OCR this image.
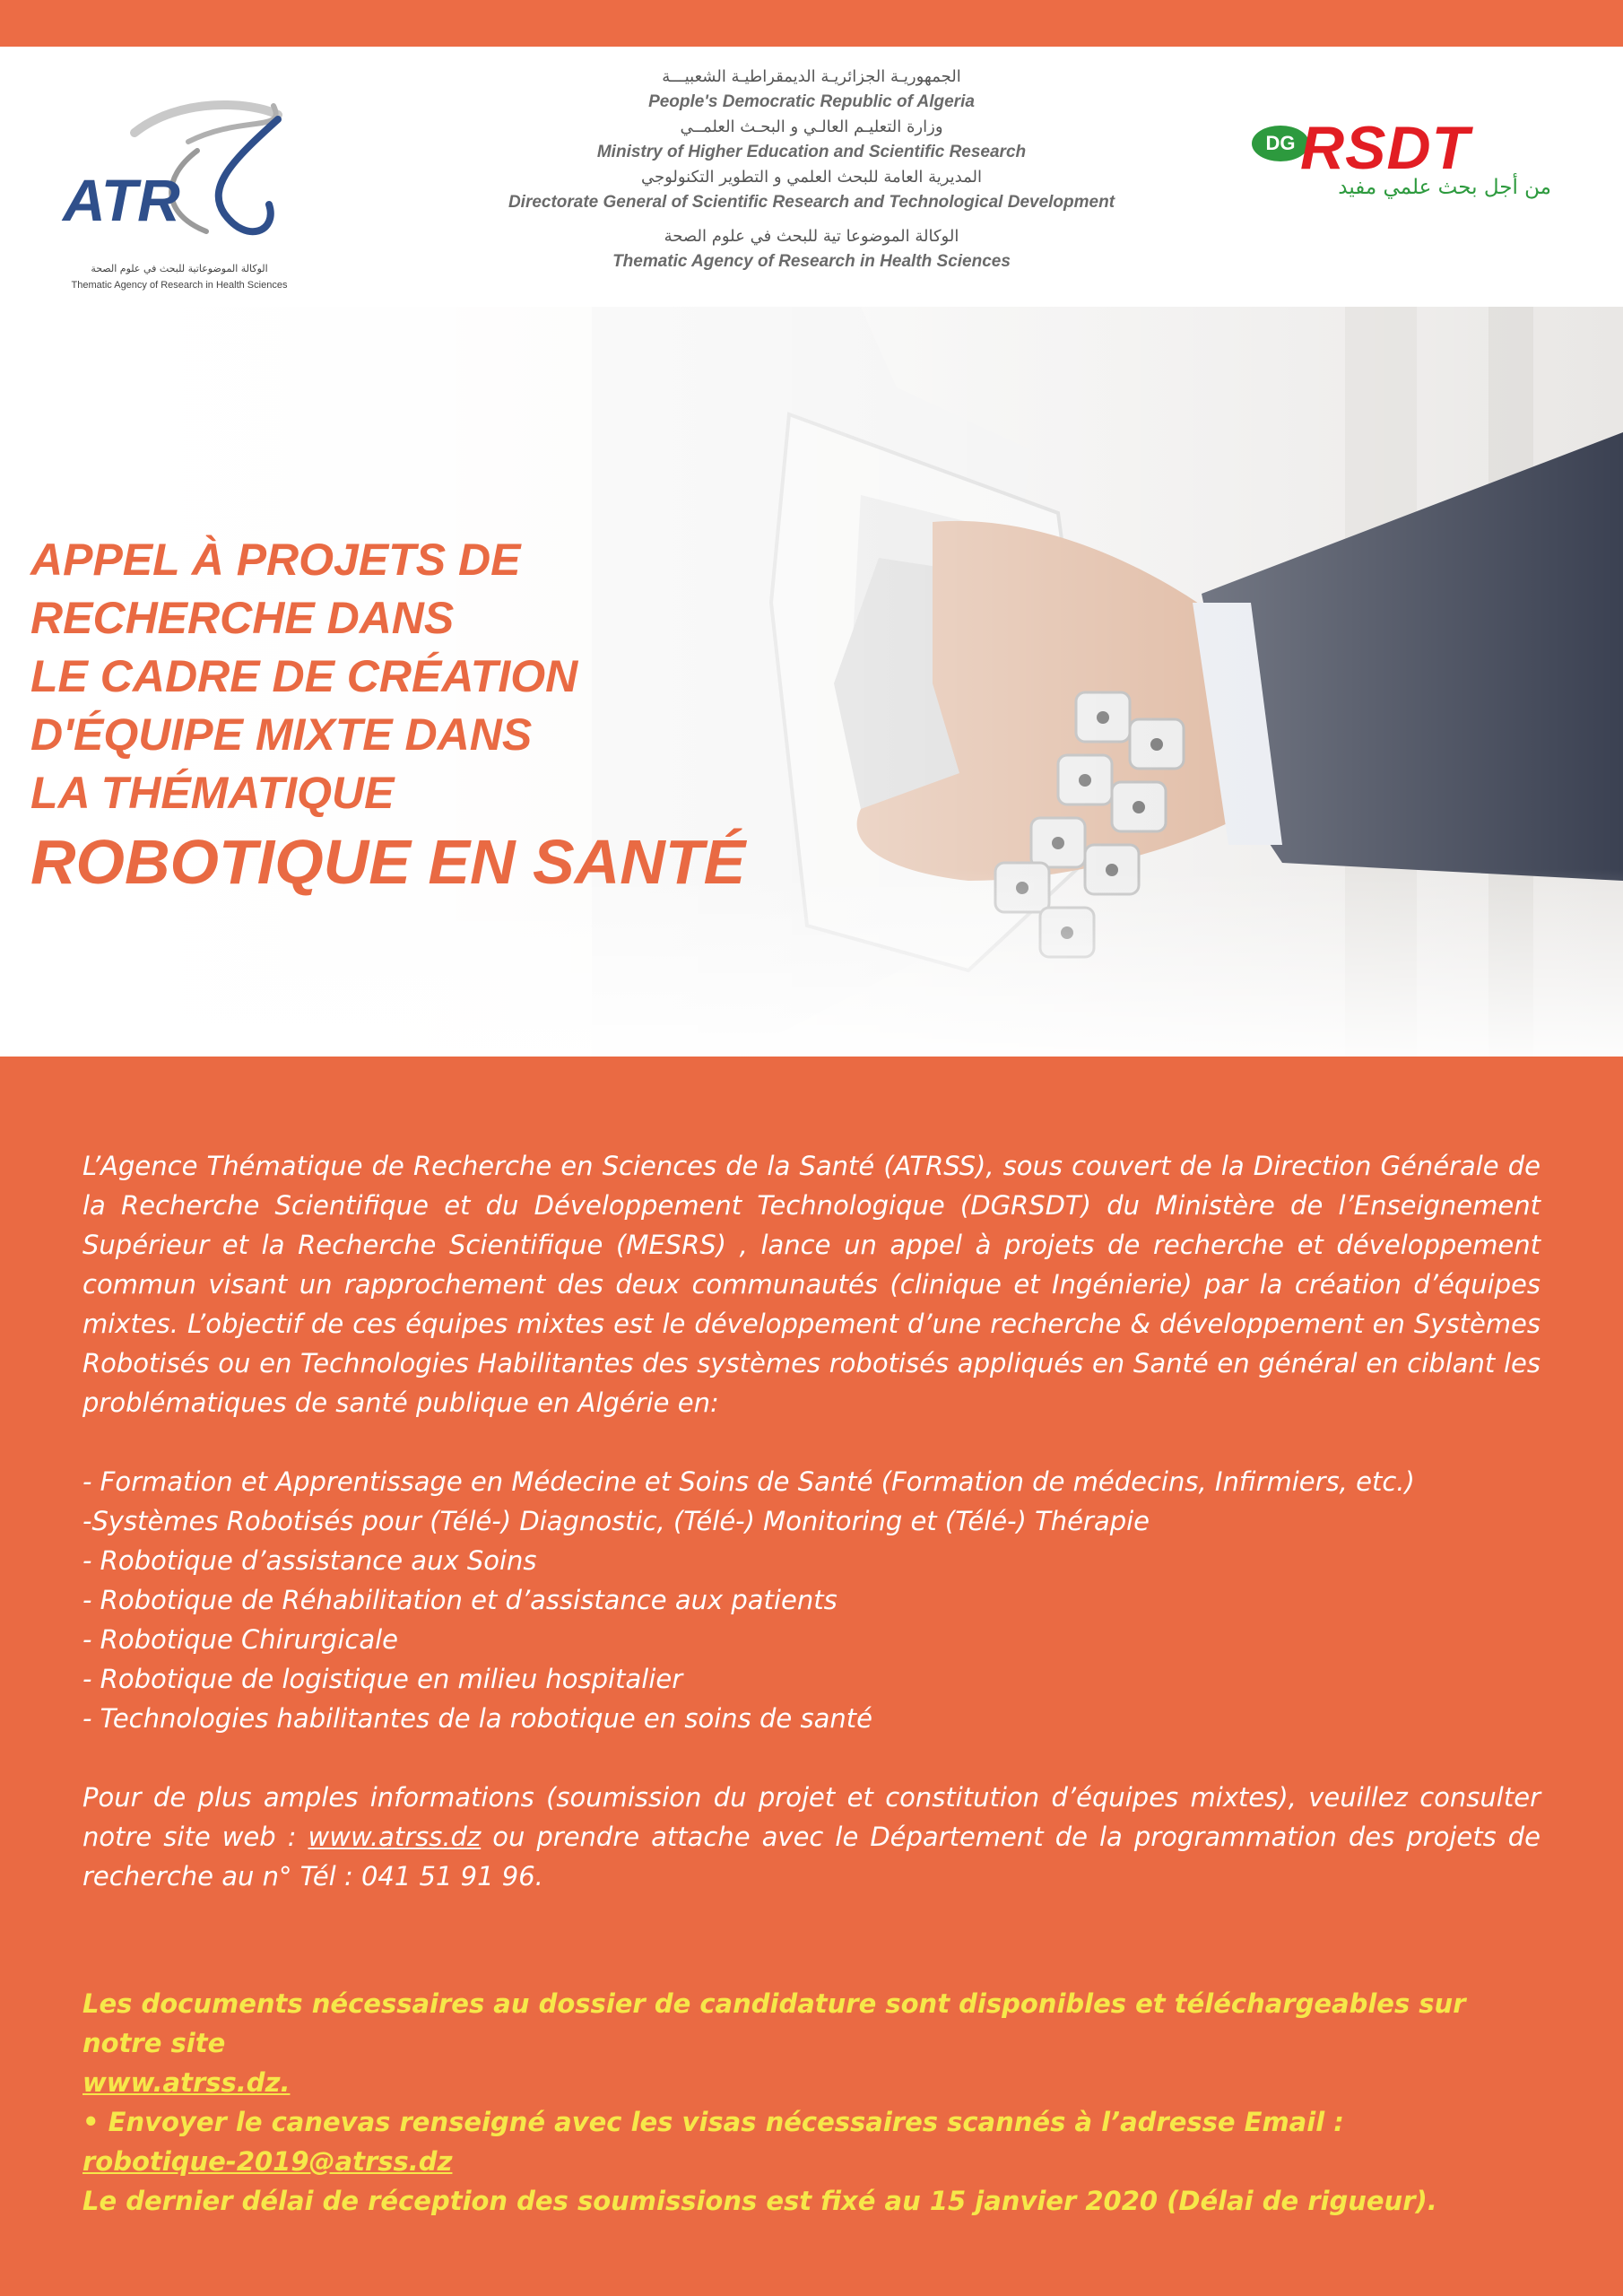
ATR
الوكالة الموضوعاتية للبحث في علوم الصحة
Thematic Agency of Research in Health Sciences
الجمهوريـة الجزائريـة الديمقراطيـة الشعبيـــة
People's Democratic Republic of Algeria
وزارة التعليـم العالـي و البحـث العلمــي
Ministry of Higher Education and Scientific Research
المديرية العامة للبحث العلمي و التطوير التكنولوجي
Directorate General of Scientific Research and Technological Development
الوكالة الموضوعا تية للبحث في علوم الصحة
Thematic Agency of Research in Health Sciences
DG RSDT
من أجل بحث علمي مفيد
APPEL À PROJETS DE
RECHERCHE DANS
LE CADRE DE CRÉATION
D'ÉQUIPE MIXTE DANS
LA THÉMATIQUE
ROBOTIQUE EN SANTÉ

L’Agence Thématique de Recherche en Sciences de la Santé (ATRSS), sous couvert de la Direction Générale de la Recherche Scientifique et du Développement Technologique (DGRSDT) du Ministère de l’Enseignement Supérieur et la Recherche Scientifique (MESRS) , lance un appel à projets de recherche et développement commun visant un rapprochement des deux communautés (clinique et Ingénierie) par la création d’équipes mixtes. L’objectif de ces équipes mixtes est le développement d’une recherche & développement en Systèmes Robotisés ou en Technologies Habilitantes des systèmes robotisés appliqués en Santé en général en ciblant les problématiques de santé publique en Algérie en:

- Formation et Apprentissage en Médecine et Soins de Santé (Formation de médecins, Infirmiers, etc.)
-Systèmes Robotisés pour (Télé-) Diagnostic, (Télé-) Monitoring et (Télé-) Thérapie
- Robotique d’assistance aux Soins
- Robotique de Réhabilitation et d’assistance aux patients
- Robotique Chirurgicale
- Robotique de logistique en milieu hospitalier
- Technologies habilitantes de la robotique en soins de santé

Pour de plus amples informations (soumission du projet et constitution d’équipes mixtes), veuillez consulter notre site web : www.atrss.dz ou prendre attache avec le Département de la programmation des projets de recherche au n° Tél : 041 51 91 96.

Les documents nécessaires au dossier de candidature sont disponibles et téléchargeables sur notre site

www.atrss.dz.

• Envoyer le canevas renseigné avec les visas nécessaires scannés à l’adresse Email :

robotique-2019@atrss.dz

Le dernier délai de réception des soumissions est fixé au 15 janvier 2020 (Délai de rigueur).
